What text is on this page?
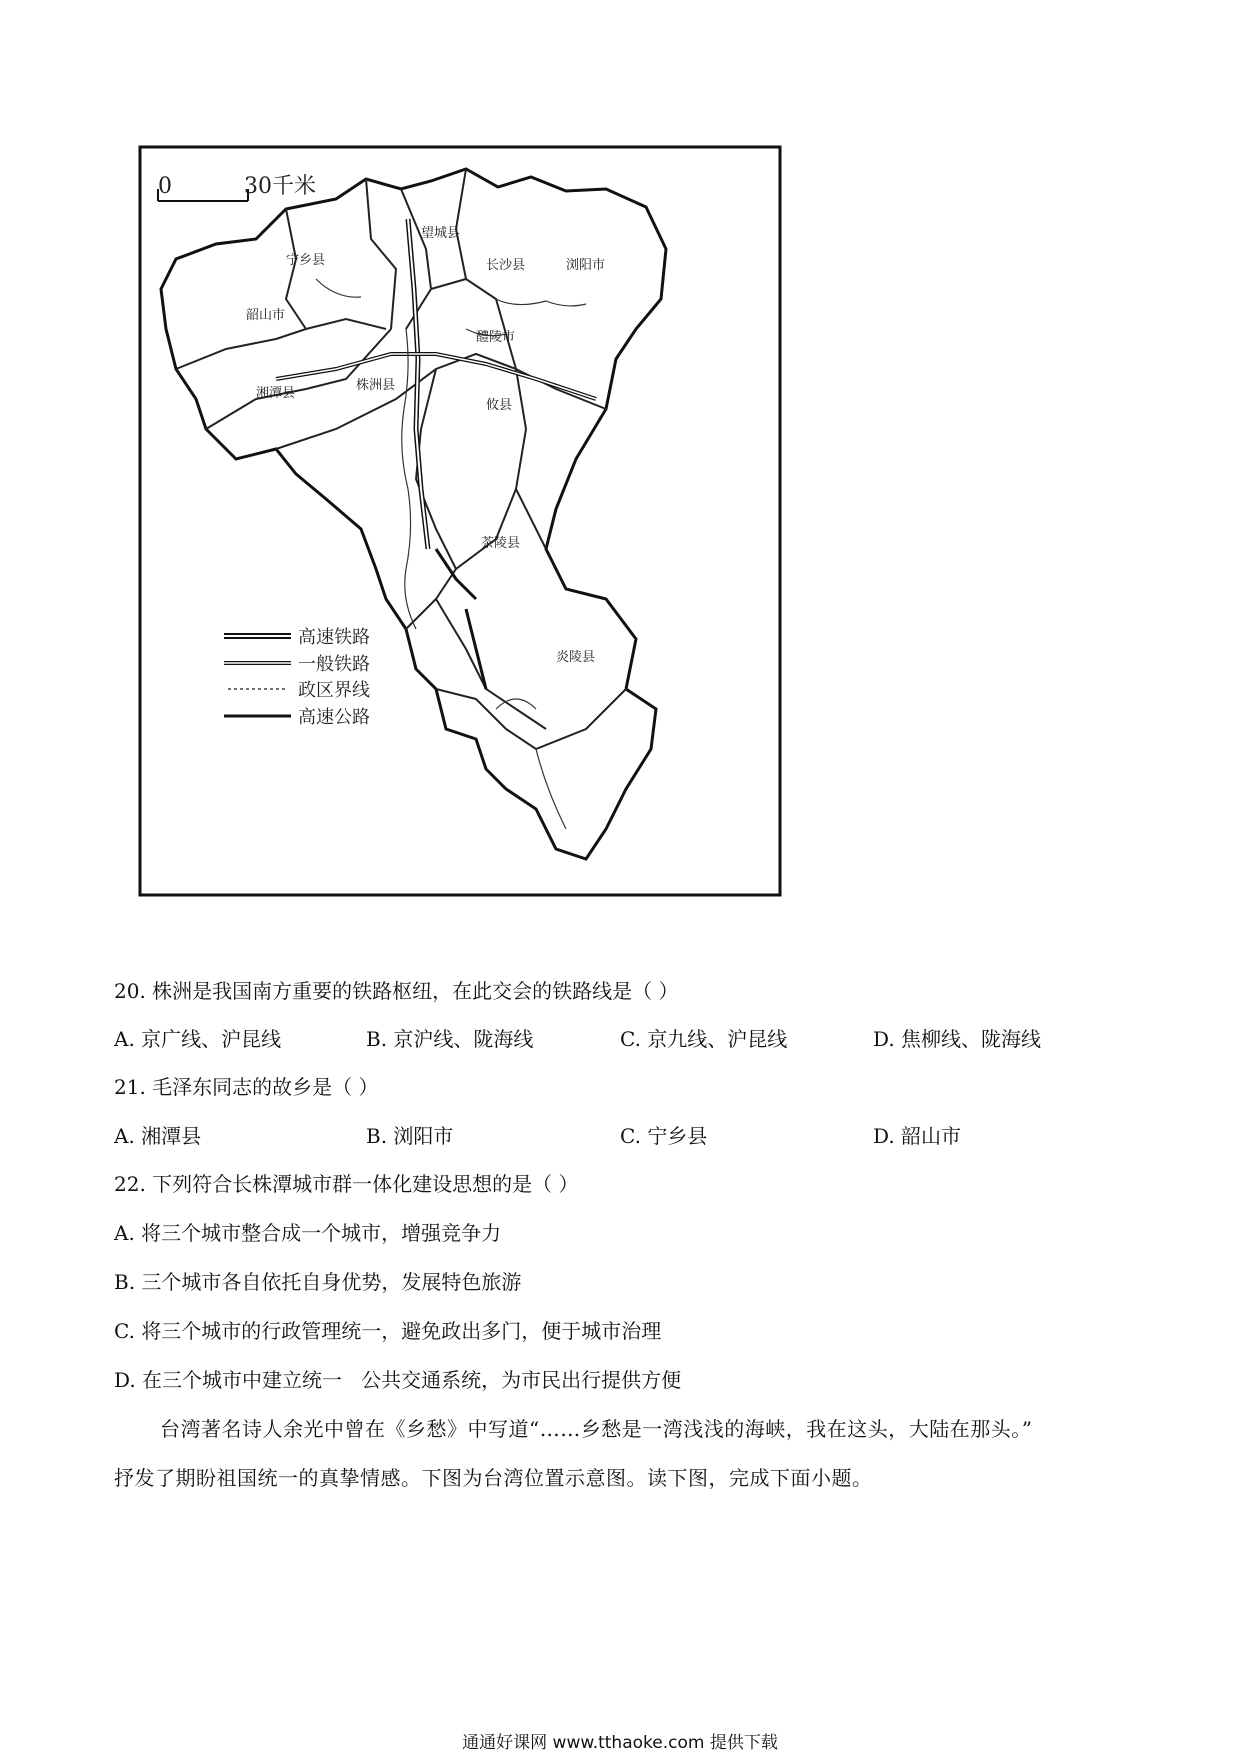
0	30千米
望城县
长沙县
宁乡县	浏阳市
韶山市
湘潭县
株洲县
醴陵市
攸县
茶陵县
炎陵县
高速铁路
一般铁路
政区界线
高速公路
20. 株洲是我国南方重要的铁路枢纽，在此交会的铁路线是（ ）
A. 京广线、沪昆线	B. 京沪线、陇海线	C. 京九线、沪昆线	D. 焦柳线、陇海线
21. 毛泽东同志的故乡是（ ）
A. 湘潭县	B. 浏阳市	C. 宁乡县	D. 韶山市
22. 下列符合长株潭城市群一体化建设思想的是（ ）
A. 将三个城市整合成一个城市，增强竞争力
B. 三个城市各自依托自身优势，发展特色旅游
C. 将三个城市的行政管理统一，避免政出多门，便于城市治理
D. 在三个城市中建立统一   公共交通系统，为市民出行提供方便
台湾著名诗人余光中曾在《乡愁》中写道“……乡愁是一湾浅浅的海峡，我在这头，大陆在那头。”
抒发了期盼祖国统一的真挚情感。下图为台湾位置示意图。读下图，完成下面小题。
通通好课网 www.tthaoke.com 提供下载
